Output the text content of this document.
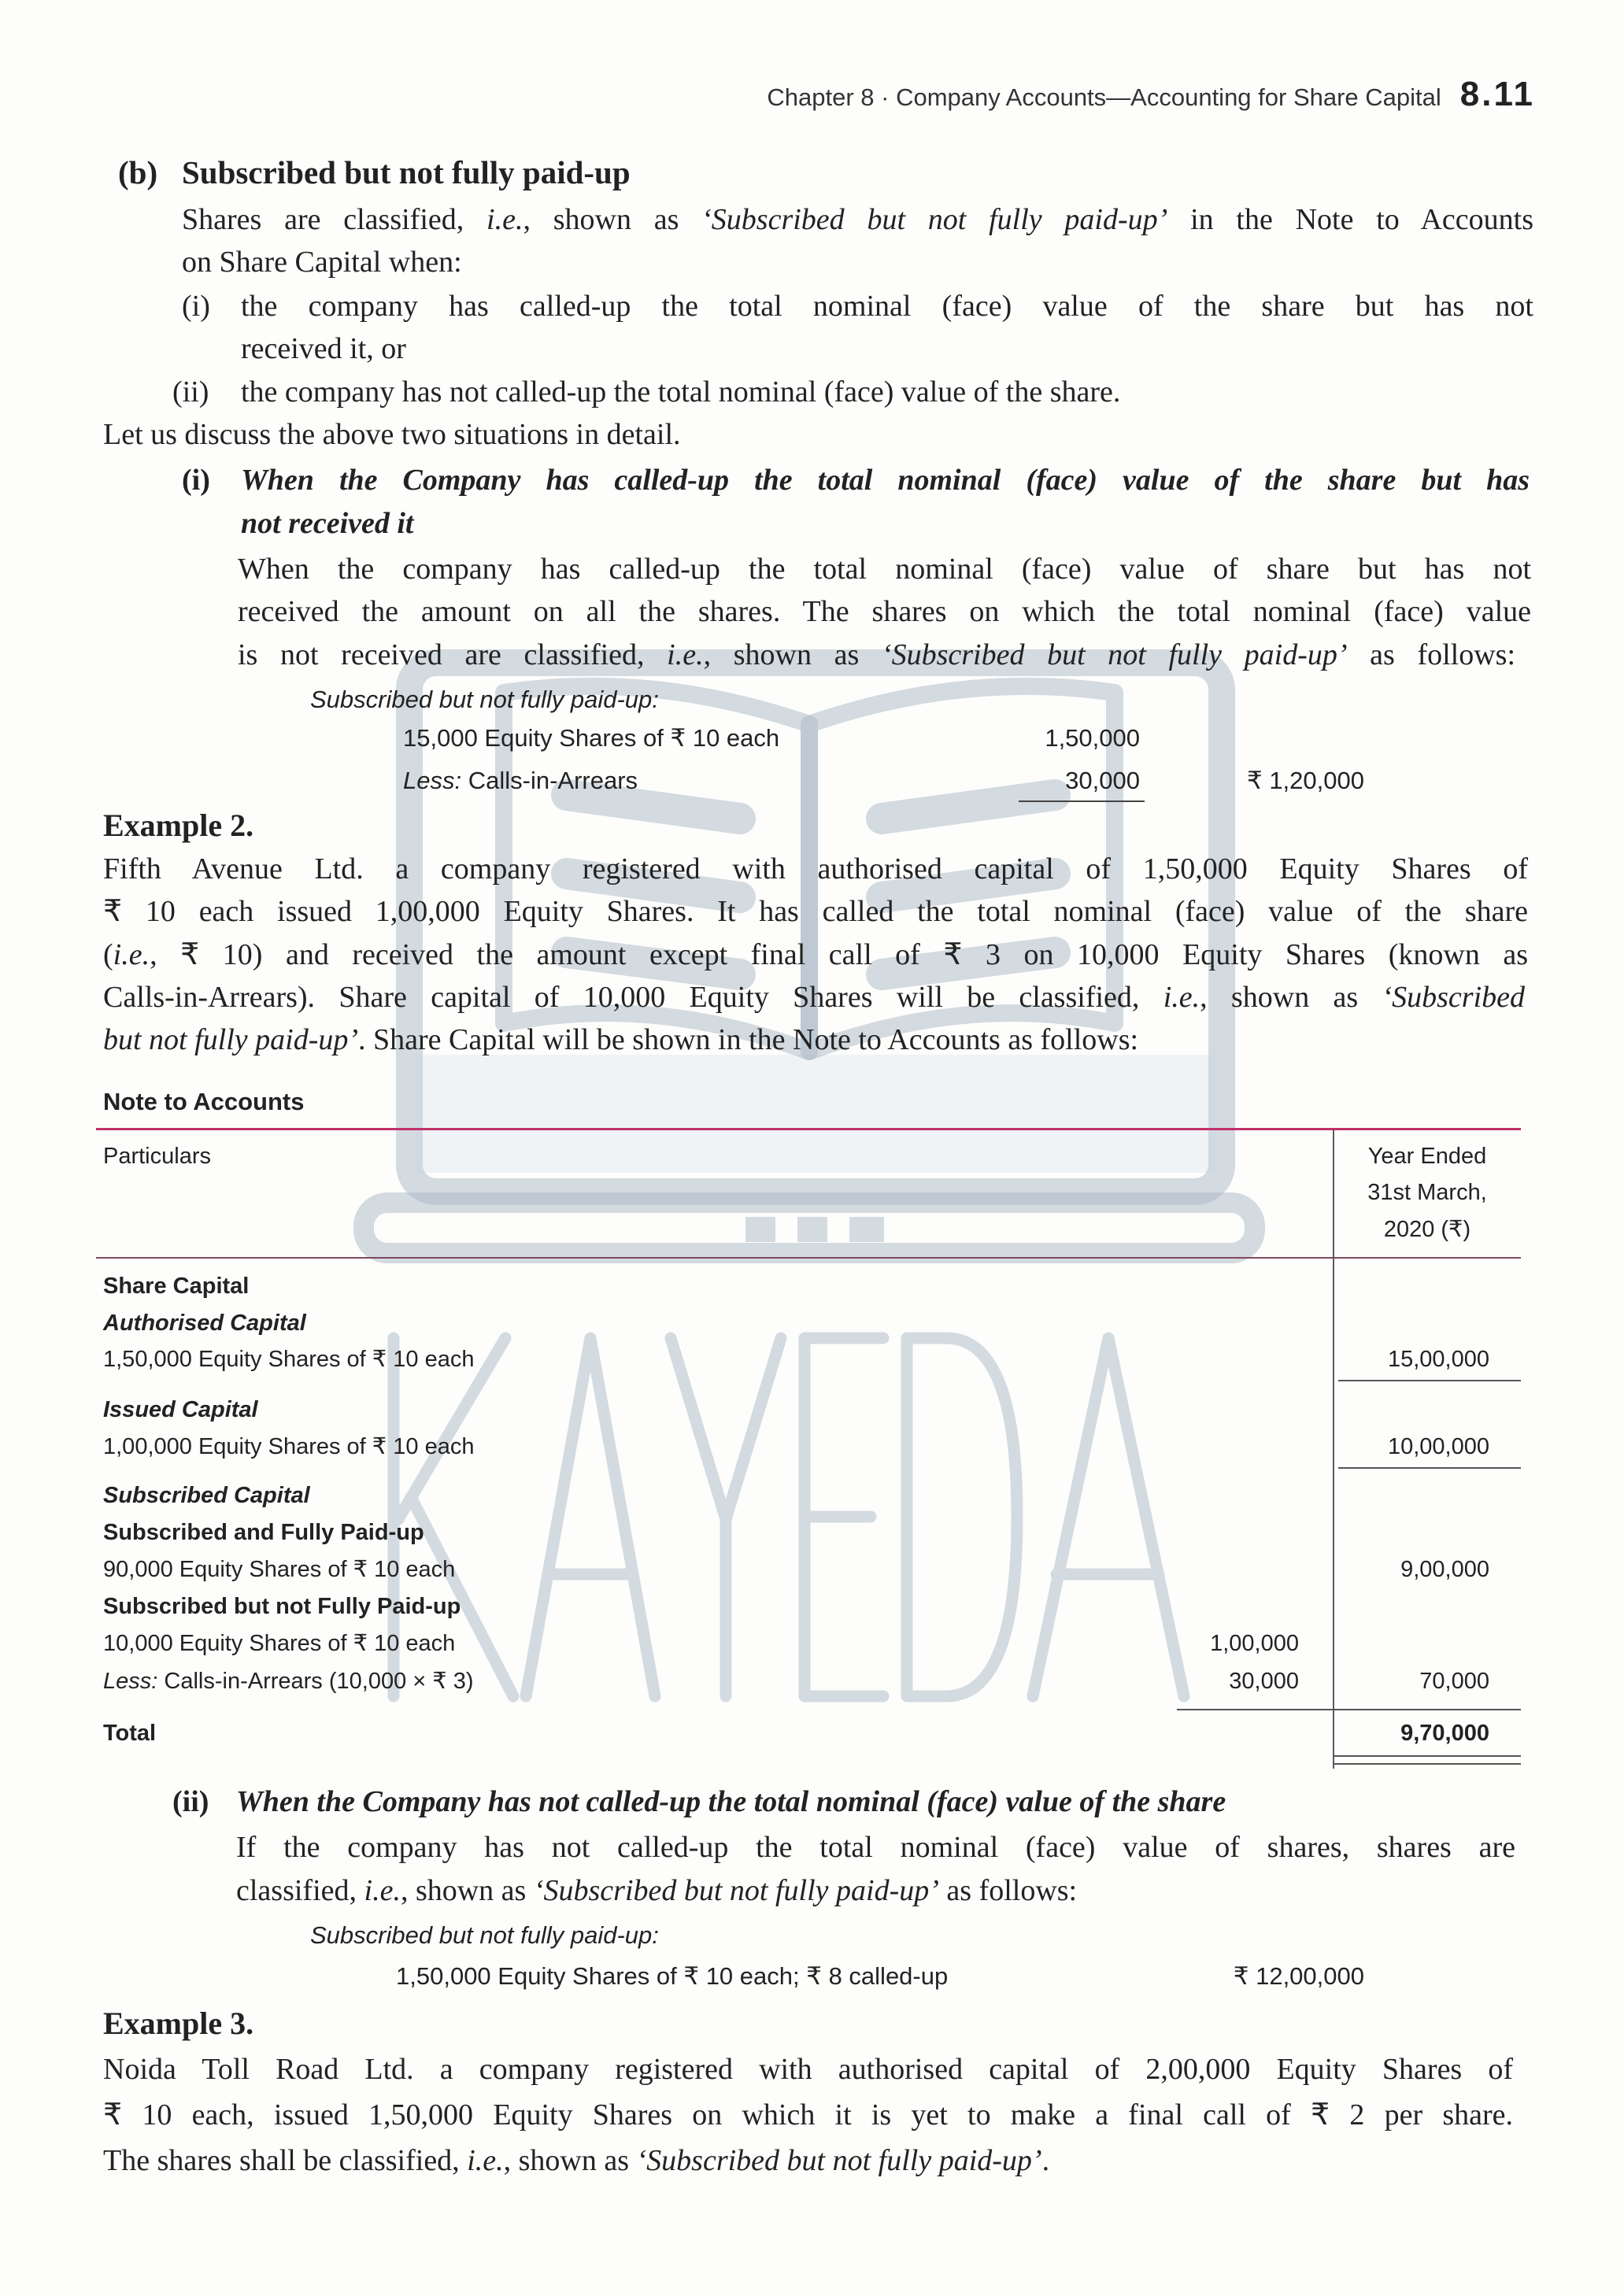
Chapter 8 · Company Accounts—Accounting for Share Capital 8.11
(b) Subscribed but not fully paid-up
Shares are classified, i.e., shown as ‘Subscribed but not fully paid-up’ in the Note to Accounts
on Share Capital when:
(i) the company has called-up the total nominal (face) value of the share but has not
received it, or
(ii) the company has not called-up the total nominal (face) value of the share.
Let us discuss the above two situations in detail.
(i) When the Company has called-up the total nominal (face) value of the share but has
not received it
When the company has called-up the total nominal (face) value of share but has not
received the amount on all the shares. The shares on which the total nominal (face) value
is not received are classified, i.e., shown as ‘Subscribed but not fully paid-up’ as follows:
Subscribed but not fully paid-up:
15,000 Equity Shares of ₹ 10 each	1,50,000
Less: Calls-in-Arrears	30,000	₹ 1,20,000
Example 2.
Fifth Avenue Ltd. a company registered with authorised capital of 1,50,000 Equity Shares of
₹ 10 each issued 1,00,000 Equity Shares. It has called the total nominal (face) value of the share
(i.e., ₹ 10) and received the amount except final call of ₹ 3 on 10,000 Equity Shares (known as
Calls-in-Arrears). Share capital of 10,000 Equity Shares will be classified, i.e., shown as ‘Subscribed
but not fully paid-up’. Share Capital will be shown in the Note to Accounts as follows:
Note to Accounts
Particulars	Year Ended
31st March,
2020 (₹)
Share Capital
Authorised Capital
1,50,000 Equity Shares of ₹ 10 each	15,00,000
Issued Capital
1,00,000 Equity Shares of ₹ 10 each	10,00,000
Subscribed Capital
Subscribed and Fully Paid-up
90,000 Equity Shares of ₹ 10 each	9,00,000
Subscribed but not Fully Paid-up
10,000 Equity Shares of ₹ 10 each	1,00,000
Less: Calls-in-Arrears (10,000 × ₹ 3)	30,000	70,000
Total	9,70,000
(ii) When the Company has not called-up the total nominal (face) value of the share
If the company has not called-up the total nominal (face) value of shares, shares are
classified, i.e., shown as ‘Subscribed but not fully paid-up’ as follows:
Subscribed but not fully paid-up:
1,50,000 Equity Shares of ₹ 10 each; ₹ 8 called-up	₹ 12,00,000
Example 3.
Noida Toll Road Ltd. a company registered with authorised capital of 2,00,000 Equity Shares of
₹ 10 each, issued 1,50,000 Equity Shares on which it is yet to make a final call of ₹ 2 per share.
The shares shall be classified, i.e., shown as ‘Subscribed but not fully paid-up’.
